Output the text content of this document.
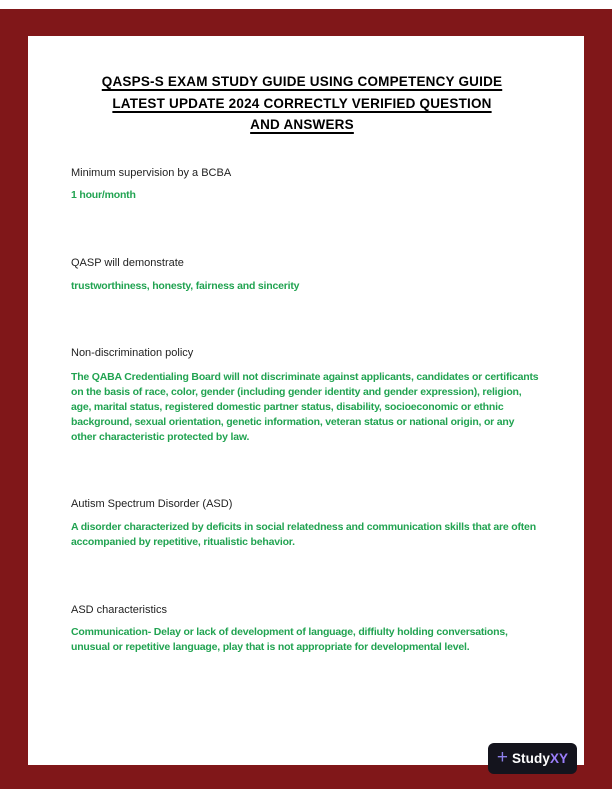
QASPS-S EXAM STUDY GUIDE USING COMPETENCY GUIDE
LATEST UPDATE 2024 CORRECTLY VERIFIED QUESTION
AND ANSWERS
Minimum supervision by a BCBA
1 hour/month
QASP will demonstrate
trustworthiness, honesty, fairness and sincerity
Non-discrimination policy
The QABA Credentialing Board will not discriminate against applicants, candidates or certificants on the basis of race, color, gender (including gender identity and gender expression), religion, age, marital status, registered domestic partner status, disability, socioeconomic or ethnic background, sexual orientation, genetic information, veteran status or national origin, or any other characteristic protected by law.
Autism Spectrum Disorder (ASD)
A disorder characterized by deficits in social relatedness and communication skills that are often accompanied by repetitive, ritualistic behavior.
ASD characteristics
Communication- Delay or lack of development of language, diffiulty holding conversations, unusual or repetitive language, play that is not appropriate for developmental level.
+ StudyXY
